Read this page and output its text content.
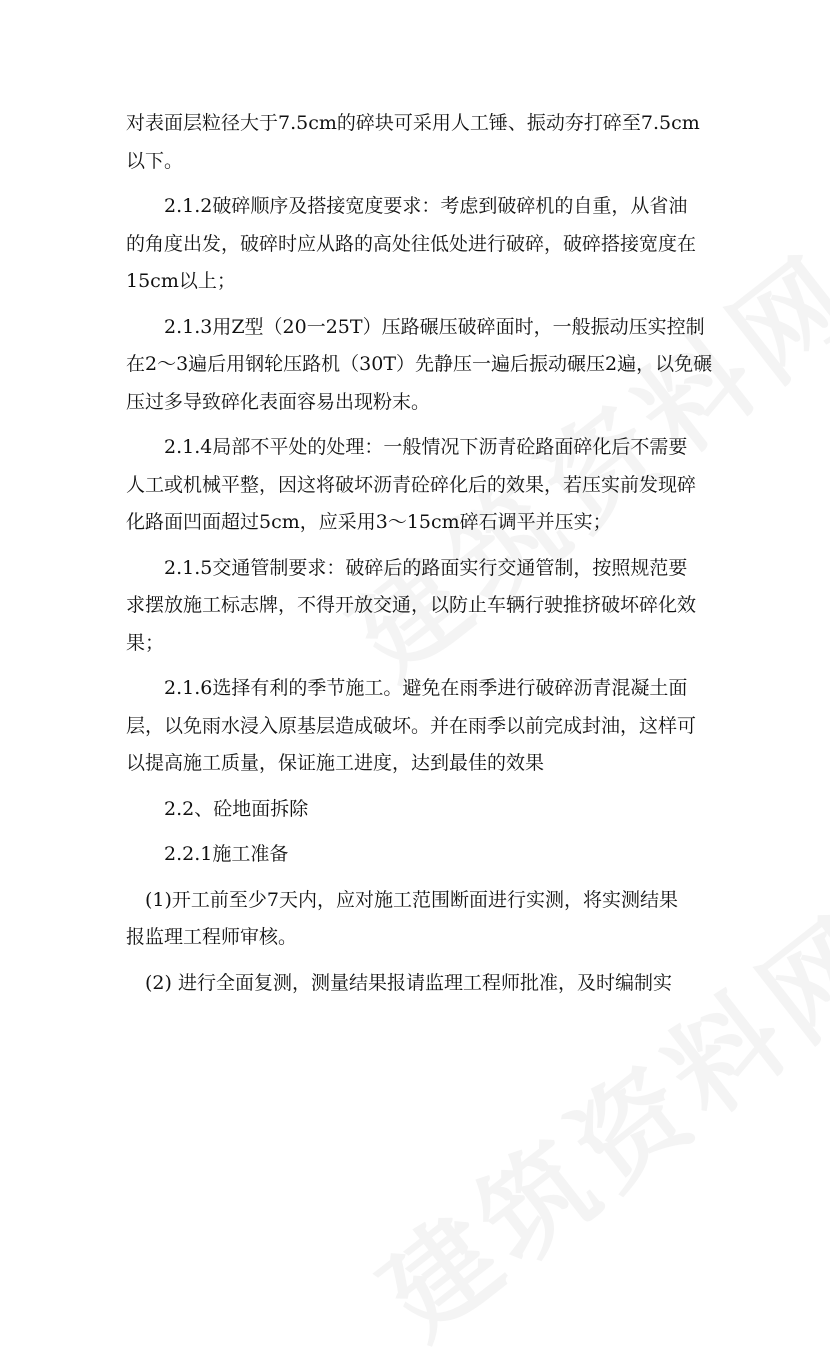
对表面层粒径大于7.5cm的碎块可采用人工锤、振动夯打碎至7.5cm
以下。
　　2.1.2破碎顺序及搭接宽度要求：考虑到破碎机的自重，从省油
的角度出发，破碎时应从路的高处往低处进行破碎，破碎搭接宽度在
15cm以上；
　　2.1.3用Z型（20一25T）压路碾压破碎面时，一般振动压实控制
在2～3遍后用钢轮压路机（30T）先静压一遍后振动碾压2遍，以免碾
压过多导致碎化表面容易出现粉末。
　　2.1.4局部不平处的处理：一般情况下沥青砼路面碎化后不需要
人工或机械平整，因这将破坏沥青砼碎化后的效果，若压实前发现碎
化路面凹面超过5cm，应采用3～15cm碎石调平并压实；
　　2.1.5交通管制要求：破碎后的路面实行交通管制，按照规范要
求摆放施工标志牌，不得开放交通，以防止车辆行驶推挤破坏碎化效
果；
　　2.1.6选择有利的季节施工。避免在雨季进行破碎沥青混凝土面
层，以免雨水浸入原基层造成破坏。并在雨季以前完成封油，这样可
以提高施工质量，保证施工进度，达到最佳的效果
　　2.2、砼地面拆除
　　2.2.1施工准备
　(1)开工前至少7天内，应对施工范围断面进行实测，将实测结果
报监理工程师审核。
　(2) 进行全面复测，测量结果报请监理工程师批准，及时编制实
